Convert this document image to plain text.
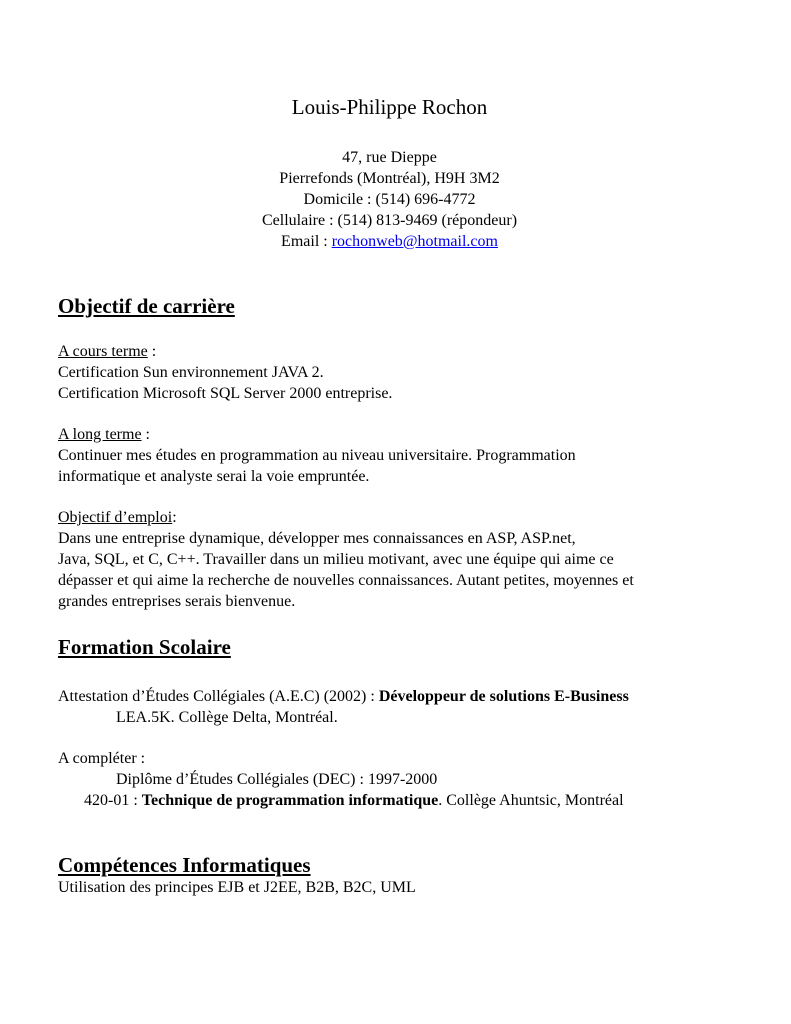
Louis-Philippe Rochon
47, rue Dieppe
Pierrefonds (Montréal), H9H 3M2
Domicile : (514) 696-4772
Cellulaire : (514) 813-9469 (répondeur)
Email : rochonweb@hotmail.com
Objectif de carrière
A cours terme :
Certification Sun environnement JAVA 2.
Certification Microsoft SQL Server 2000 entreprise.
A long terme :
Continuer mes études en programmation au niveau universitaire. Programmation
informatique et analyste serai la voie empruntée.
Objectif d’emploi:
Dans une entreprise dynamique, développer mes connaissances en ASP, ASP.net,
Java, SQL, et C, C++. Travailler dans un milieu motivant, avec une équipe qui aime ce
dépasser et qui aime la recherche de nouvelles connaissances. Autant petites, moyennes et
grandes entreprises serais bienvenue.
Formation Scolaire
Attestation d’Études Collégiales (A.E.C) (2002) : Développeur de solutions E-Business
LEA.5K. Collège Delta, Montréal.
A compléter :
Diplôme d’Études Collégiales (DEC) : 1997-2000
420-01 : Technique de programmation informatique. Collège Ahuntsic, Montréal
Compétences Informatiques
Utilisation des principes EJB et J2EE, B2B, B2C, UML
